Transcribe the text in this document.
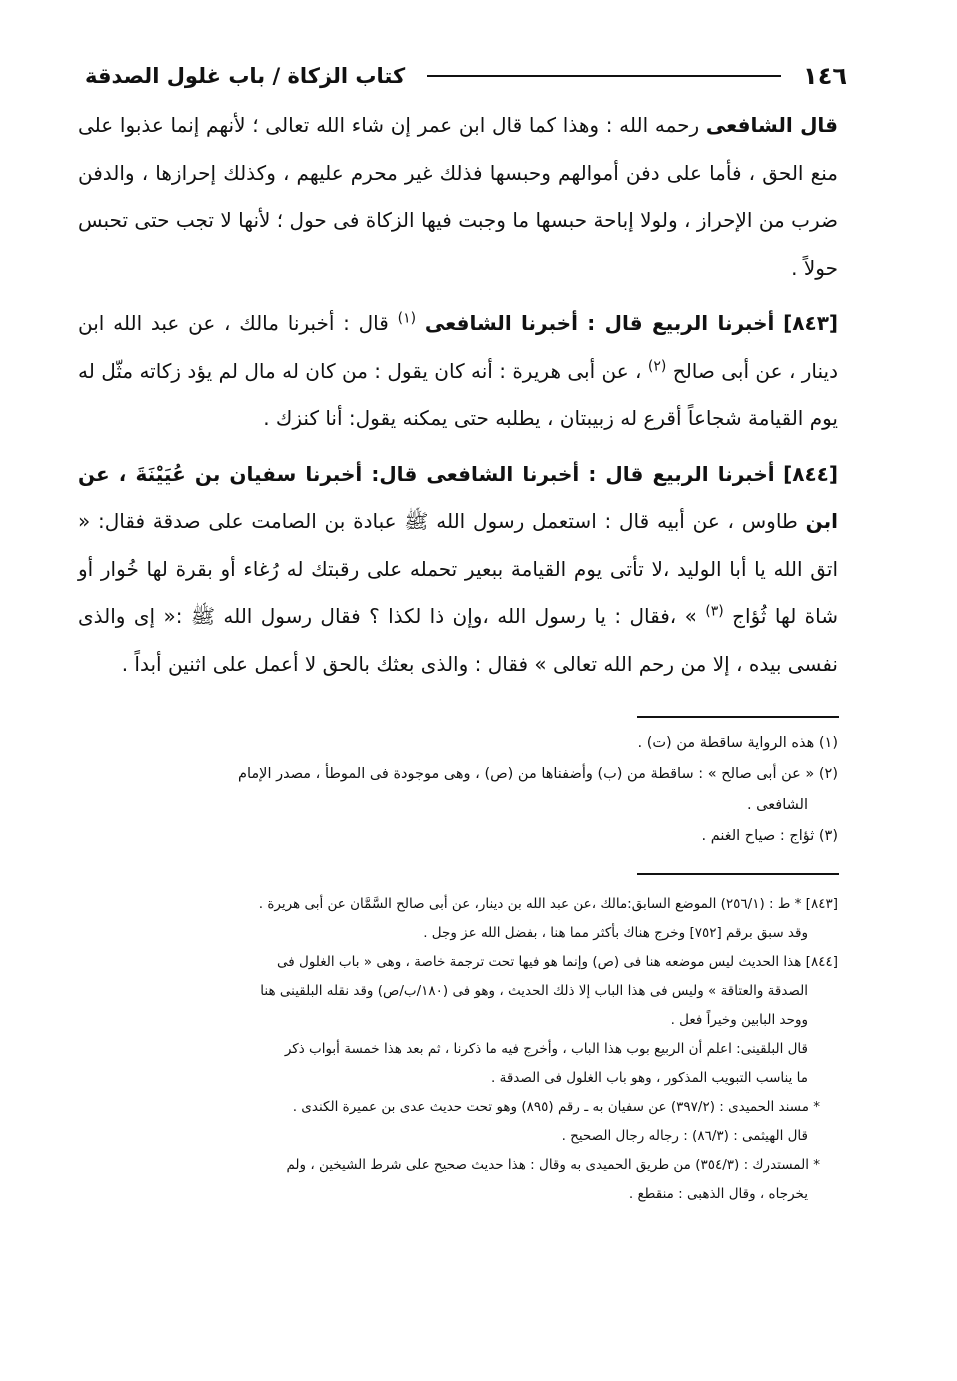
١٤٦
كتاب الزكاة / باب غلول الصدقة

قال الشافعى رحمه الله : وهذا كما قال ابن عمر إن شاء الله تعالى ؛ لأنهم إنما عذبوا على منع الحق ، فأما على دفن أموالهم وحبسها فذلك غير محرم عليهم ، وكذلك إحرازها ، والدفن ضرب من الإحراز ، ولولا إباحة حبسها ما وجبت فيها الزكاة فى حول ؛ لأنها لا تجب حتى تحبس حولاً .

[٨٤٣] أخبرنا الربيع قال : أخبرنا الشافعى $^{(١)}$ قال : أخبرنا مالك ، عن عبد الله ابن دينار ، عن أبى صالح $^{(٢)}$ ، عن أبى هريرة : أنه كان يقول : من كان له مال لم يؤد زكاته مثّل له يوم القيامة شجاعاً أقرع له زبيبتان ، يطلبه حتى يمكنه يقول: أنا كنزك .

[٨٤٤] أخبرنا الربيع قال : أخبرنا الشافعى قال: أخبرنا سفيان بن عُيَيْنَةَ ، عن ابن طاوس ، عن أبيه قال : استعمل رسول الله ﷺ عبادة بن الصامت على صدقة فقال: « اتق الله يا أبا الوليد ،لا تأتى يوم القيامة ببعير تحمله على رقبتك له رُغاء أو بقرة لها خُوار أو شاة لها ثُؤاج $^{(٣)}$ » ،فقال : يا رسول الله ،وإن ذا لكذا ؟ فقال رسول الله ﷺ :« إى والذى نفسى بيده ، إلا من رحم الله تعالى » فقال : والذى بعثك بالحق لا أعمل على اثنين أبداً .

(١) هذه الرواية ساقطة من (ت) .

(٢) « عن أبى صالح » : ساقطة من (ب) وأضفناها من (ص) ، وهى موجودة فى الموطأ ، مصدر الإمام

الشافعى .

(٣) ثؤاج : صياح الغنم .

[٨٤٣] * ط : (٢٥٦/١) الموضع السابق:مالك ،عن عبد الله بن دينار، عن أبى صالح السَّمَّان عن أبى هريرة .
وقد سبق برقم [٧٥٢] وخرج هناك بأكثر مما هنا ، بفضل الله عز وجل .

[٨٤٤] هذا الحديث ليس موضعه هنا فى (ص) وإنما هو فيها تحت ترجمة خاصة ، وهى « باب الغلول فى
الصدقة والعتاقة » وليس فى هذا الباب إلا ذلك الحديث ، وهو فى (١٨٠/ب/ص) وقد نقله البلقينى هنا
ووحد البابين وخيراً فعل .
قال البلقينى: اعلم أن الربيع بوب هذا الباب ، وأخرج فيه ما ذكرنا ، ثم بعد هذا خمسة أبواب ذكر
ما يناسب التبويب المذكور ، وهو باب الغلول فى الصدقة .
* مسند الحميدى : (٣٩٧/٢) عن سفيان به ـ رقم (٨٩٥) وهو تحت حديث عدى بن عميرة الكندى .
قال الهيثمى : (٨٦/٣) : رجاله رجال الصحيح .
* المستدرك : (٣٥٤/٣) من طريق الحميدى به وقال : هذا حديث صحيح على شرط الشيخين ، ولم
يخرجاه ، وقال الذهبى : منقطع .
